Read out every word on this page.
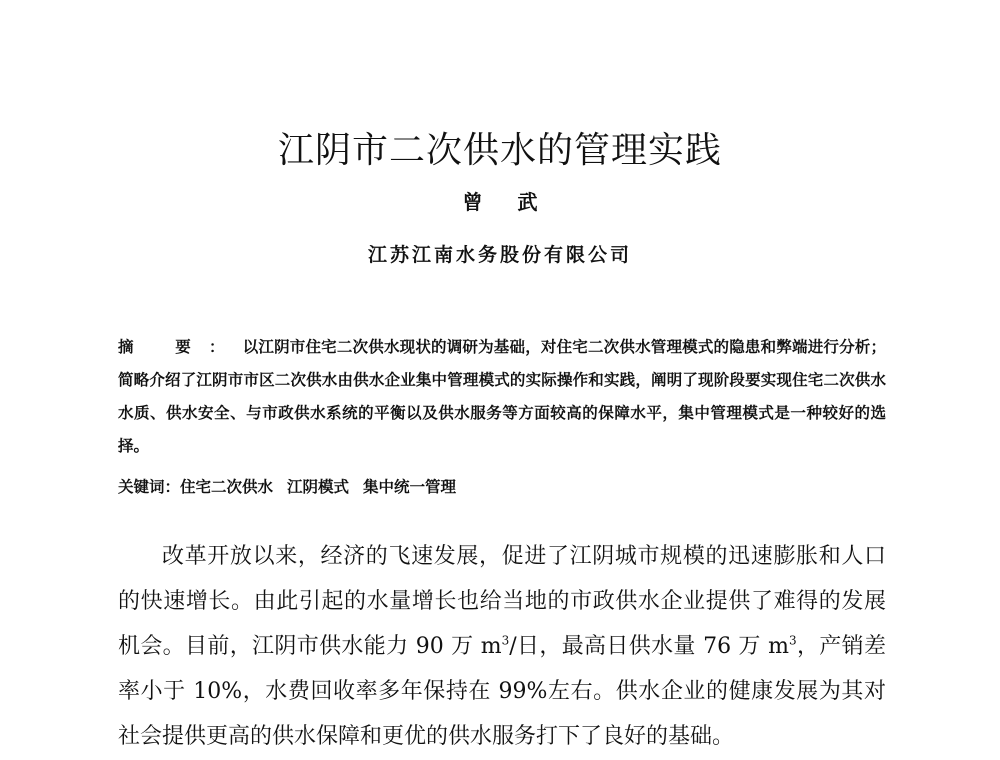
江阴市二次供水的管理实践
曾 武
江苏江南水务股份有限公司

摘 要：以江阴市住宅二次供水现状的调研为基础，对住宅二次供水管理模式的隐患和弊端进行分析；简略介绍了江阴市市区二次供水由供水企业集中管理模式的实际操作和实践，阐明了现阶段要实现住宅二次供水水质、供水安全、与市政供水系统的平衡以及供水服务等方面较高的保障水平，集中管理模式是一种较好的选择。

关键词：住宅二次供水 江阴模式 集中统一管理

改革开放以来，经济的飞速发展，促进了江阴城市规模的迅速膨胀和人口的快速增长。由此引起的水量增长也给当地的市政供水企业提供了难得的发展机会。目前，江阴市供水能力 90 万 $m^3/$日，最高日供水量 76 万 $m^3$，产销差率小于 10%，水费回收率多年保持在 99%左右。供水企业的健康发展为其对社会提供更高的供水保障和更优的供水服务打下了良好的基础。
